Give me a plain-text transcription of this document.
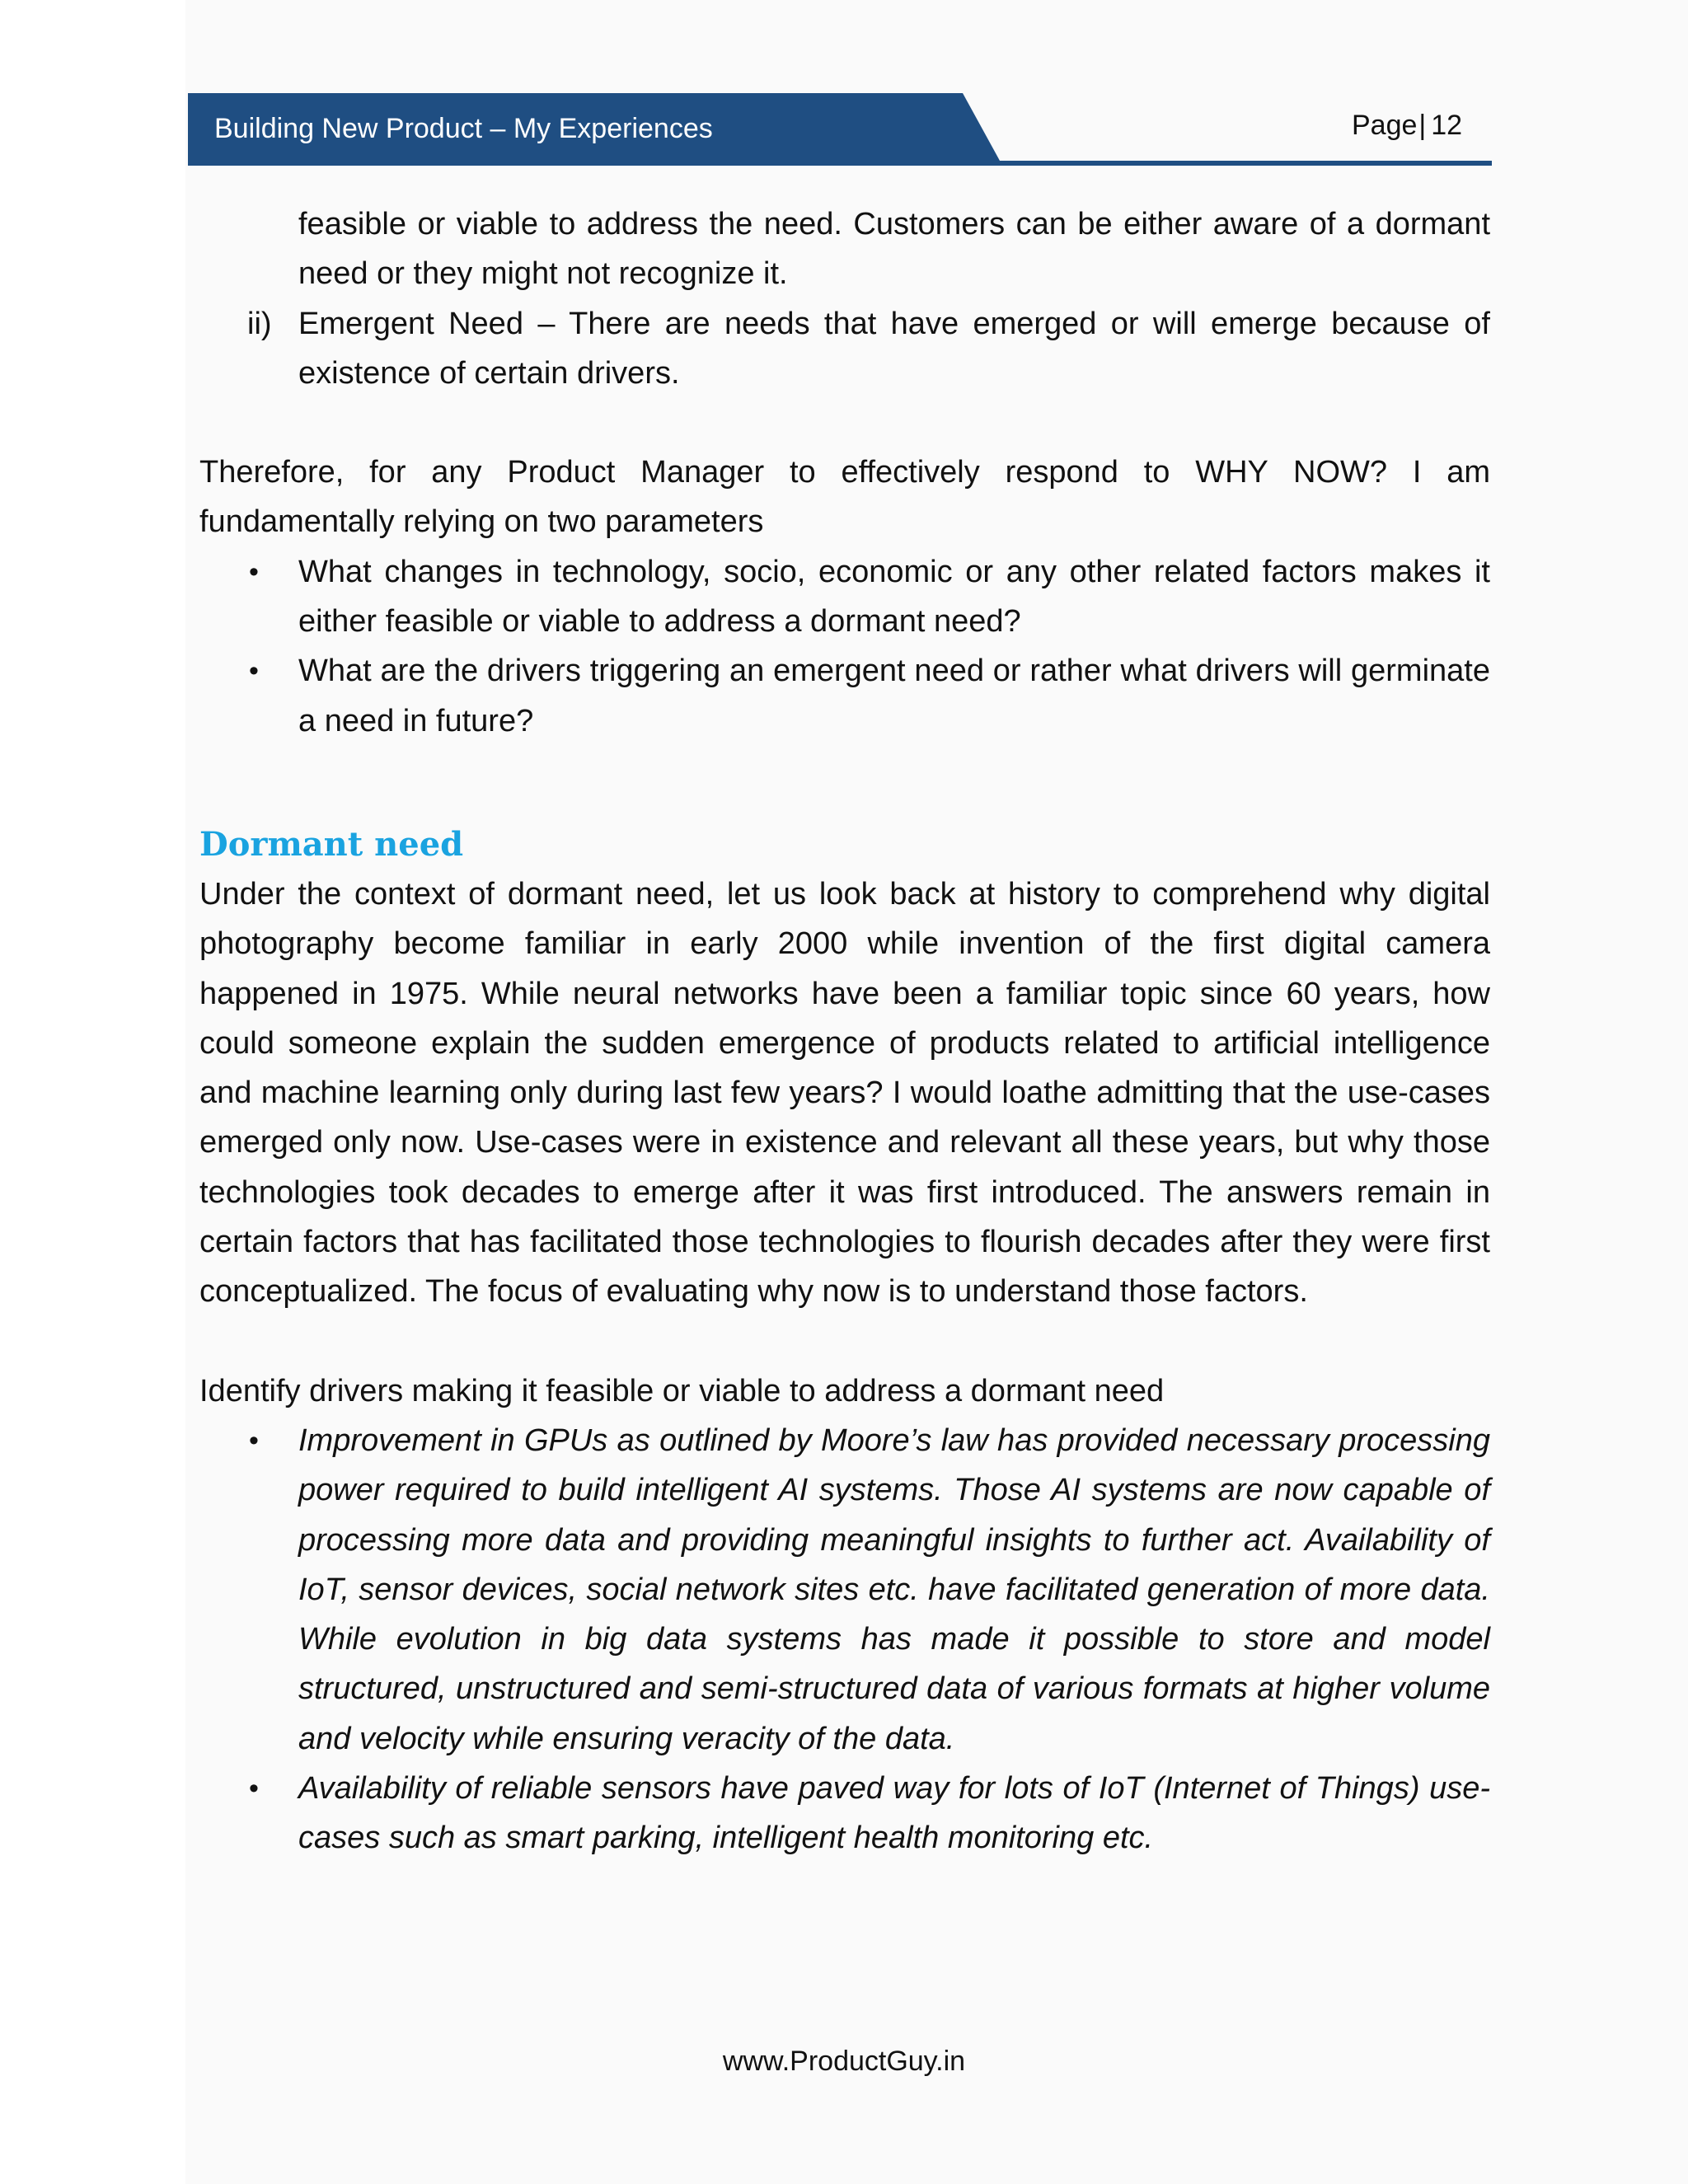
Building New Product – My Experiences	Page| 12

feasible or viable to address the need. Customers can be either aware of a dormant need or they might not recognize it.

ii) Emergent Need – There are needs that have emerged or will emerge because of existence of certain drivers.

Therefore, for any Product Manager to effectively respond to WHY NOW? I am fundamentally relying on two parameters

• What changes in technology, socio, economic or any other related factors makes it either feasible or viable to address a dormant need?

• What are the drivers triggering an emergent need or rather what drivers will germinate a need in future?

Dormant need

Under the context of dormant need, let us look back at history to comprehend why digital photography become familiar in early 2000 while invention of the first digital camera happened in 1975. While neural networks have been a familiar topic since 60 years, how could someone explain the sudden emergence of products related to artificial intelligence and machine learning only during last few years? I would loathe admitting that the use-cases emerged only now. Use-cases were in existence and relevant all these years, but why those technologies took decades to emerge after it was first introduced. The answers remain in certain factors that has facilitated those technologies to flourish decades after they were first conceptualized. The focus of evaluating why now is to understand those factors.

Identify drivers making it feasible or viable to address a dormant need

• Improvement in GPUs as outlined by Moore’s law has provided necessary processing power required to build intelligent AI systems. Those AI systems are now capable of processing more data and providing meaningful insights to further act. Availability of IoT, sensor devices, social network sites etc. have facilitated generation of more data. While evolution in big data systems has made it possible to store and model structured, unstructured and semi-structured data of various formats at higher volume and velocity while ensuring veracity of the data.

• Availability of reliable sensors have paved way for lots of IoT (Internet of Things) use-cases such as smart parking, intelligent health monitoring etc.

www.ProductGuy.in
